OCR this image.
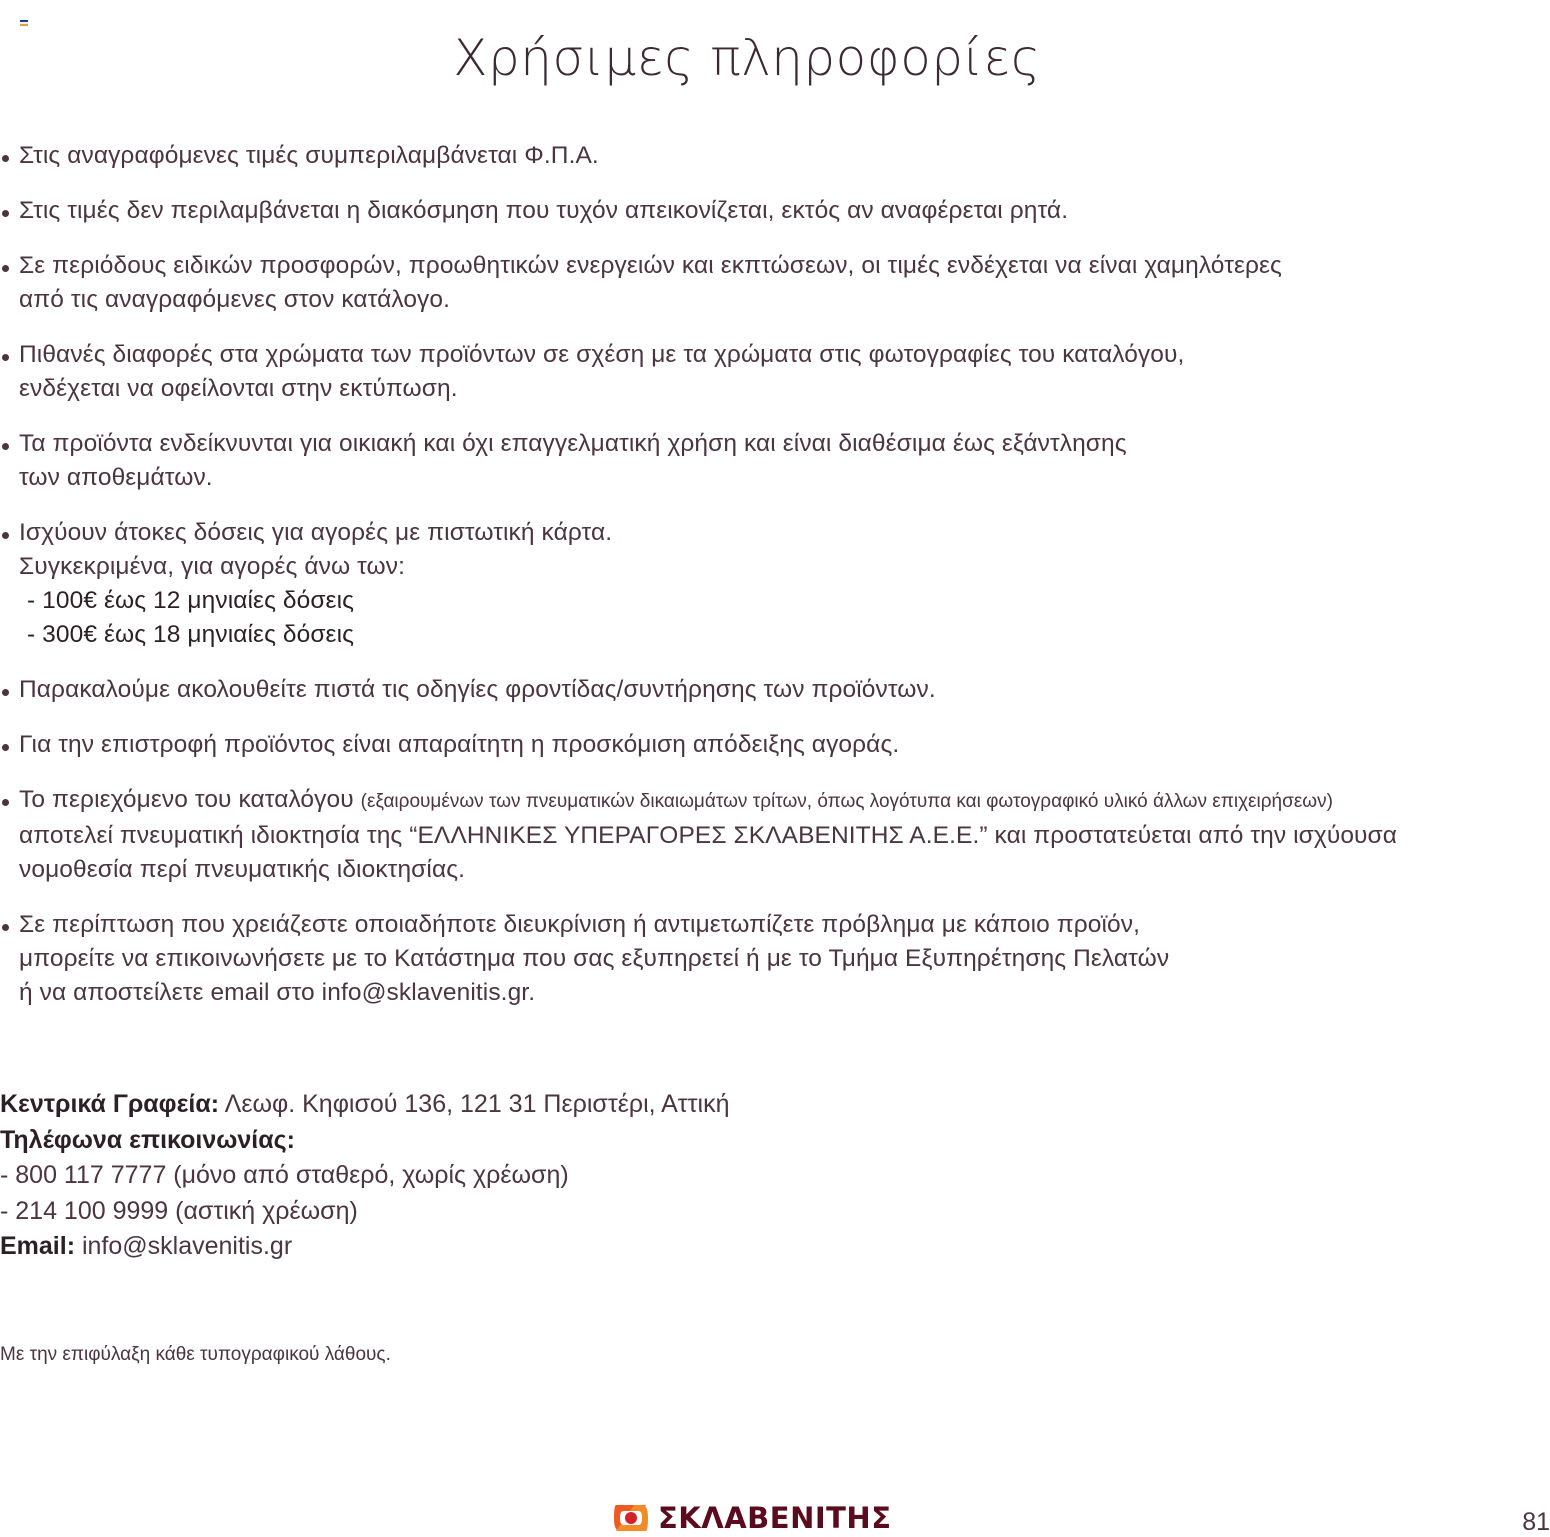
Χρήσιμες πληροφορίες
Στις αναγραφόμενες τιμές συμπεριλαμβάνεται Φ.Π.Α.
Στις τιμές δεν περιλαμβάνεται η διακόσμηση που τυχόν απεικονίζεται, εκτός αν αναφέρεται ρητά.
Σε περιόδους ειδικών προσφορών, προωθητικών ενεργειών και εκπτώσεων, οι τιμές ενδέχεται να είναι χαμηλότερες
από τις αναγραφόμενες στον κατάλογο.
Πιθανές διαφορές στα χρώματα των προϊόντων σε σχέση με τα χρώματα στις φωτογραφίες του καταλόγου,
ενδέχεται να οφείλονται στην εκτύπωση.
Τα προϊόντα ενδείκνυνται για οικιακή και όχι επαγγελματική χρήση και είναι διαθέσιμα έως εξάντλησης
των αποθεμάτων.
Ισχύουν άτοκες δόσεις για αγορές με πιστωτική κάρτα.
Συγκεκριμένα, για αγορές άνω των:
- 100€ έως 12 μηνιαίες δόσεις
- 300€ έως 18 μηνιαίες δόσεις
Παρακαλούμε ακολουθείτε πιστά τις οδηγίες φροντίδας/συντήρησης των προϊόντων.
Για την επιστροφή προϊόντος είναι απαραίτητη η προσκόμιση απόδειξης αγοράς.
Το περιεχόμενο του καταλόγου (εξαιρουμένων των πνευματικών δικαιωμάτων τρίτων, όπως λογότυπα και φωτογραφικό υλικό άλλων επιχειρήσεων)
αποτελεί πνευματική ιδιοκτησία της “ΕΛΛΗΝΙΚΕΣ ΥΠΕΡΑΓΟΡΕΣ ΣΚΛΑΒΕΝΙΤΗΣ Α.Ε.Ε.” και προστατεύεται από την ισχύουσα
νομοθεσία περί πνευματικής ιδιοκτησίας.
Σε περίπτωση που χρειάζεστε οποιαδήποτε διευκρίνιση ή αντιμετωπίζετε πρόβλημα με κάποιο προϊόν,
μπορείτε να επικοινωνήσετε με το Κατάστημα που σας εξυπηρετεί ή με το Τμήμα Εξυπηρέτησης Πελατών
ή να αποστείλετε email στο info@sklavenitis.gr.
Κεντρικά Γραφεία: Λεωφ. Κηφισού 136, 121 31 Περιστέρι, Αττική
Τηλέφωνα επικοινωνίας:
- 800 117 7777 (μόνο από σταθερό, χωρίς χρέωση)
- 214 100 9999 (αστική χρέωση)
Email: info@sklavenitis.gr
Με την επιφύλαξη κάθε τυπογραφικού λάθους.
ΣΚΛΑΒΕΝΙΤΗΣ	81
